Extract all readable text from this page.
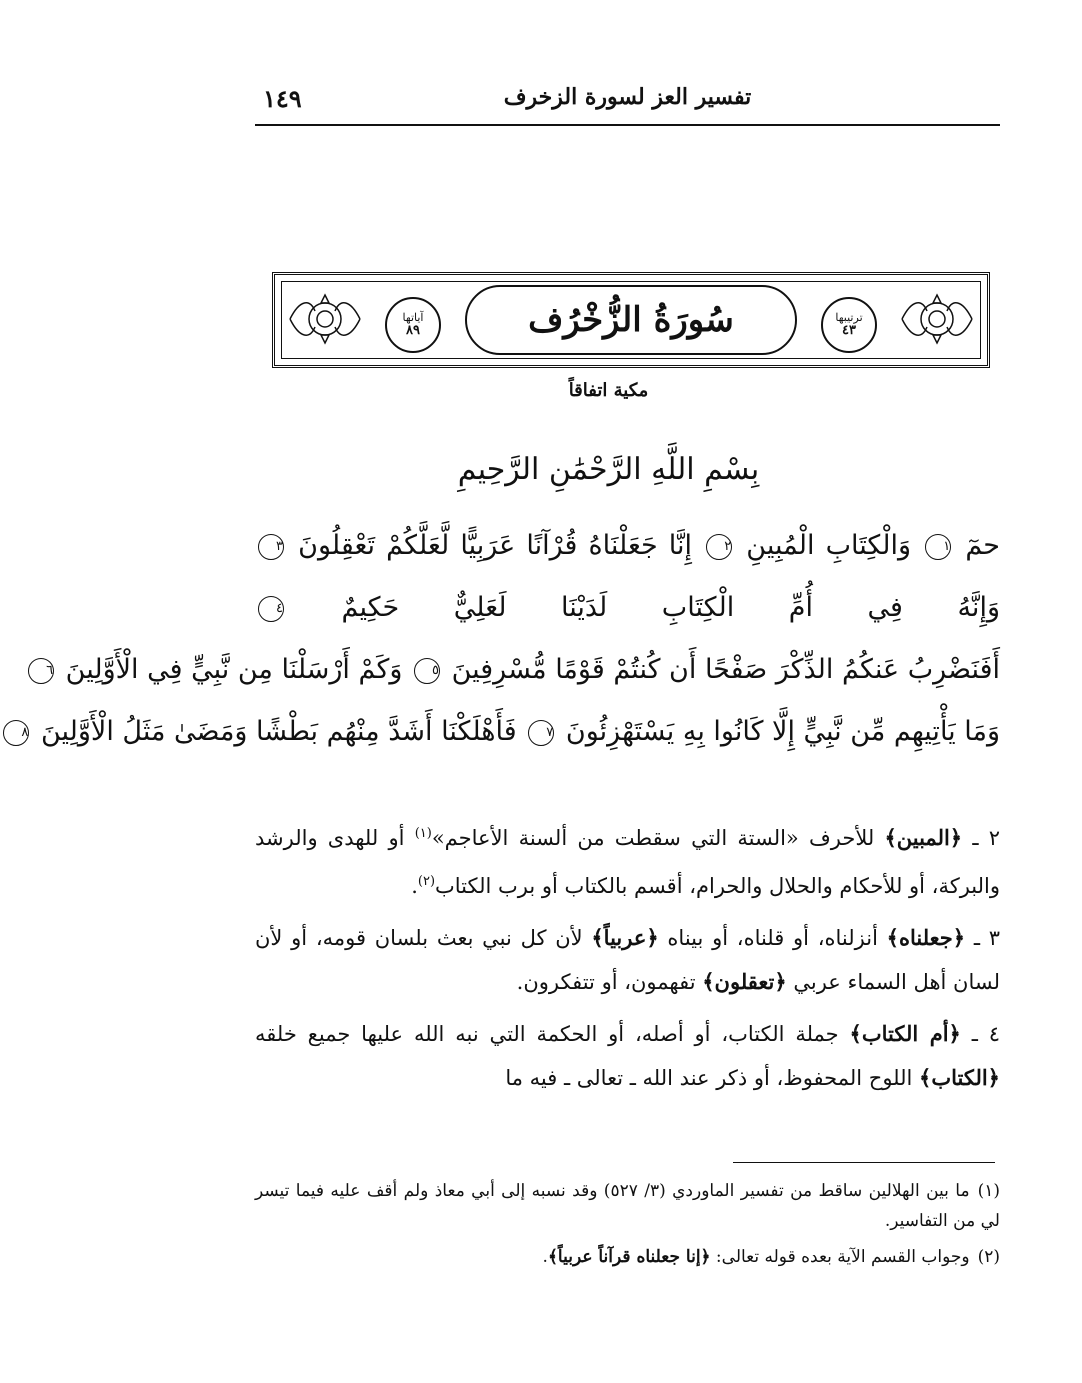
تفسير العز لسورة الزخرف
١٤٩
آياتها
٨٩
ترتيبها
٤٣
سُورَةُ الزُّخْرُف
مكية اتفاقاً
بِسْمِ اللَّهِ الرَّحْمَٰنِ الرَّحِيمِ
حمٓ ١ وَالْكِتَابِ الْمُبِينِ ٢ إِنَّا جَعَلْنَاهُ قُرْآنًا عَرَبِيًّا لَّعَلَّكُمْ تَعْقِلُونَ ٣
وَإِنَّهُ فِي أُمِّ الْكِتَابِ لَدَيْنَا لَعَلِيٌّ حَكِيمٌ ٤
أَفَنَضْرِبُ عَنكُمُ الذِّكْرَ صَفْحًا أَن كُنتُمْ قَوْمًا مُّسْرِفِينَ ٥ وَكَمْ أَرْسَلْنَا مِن نَّبِيٍّ فِي الْأَوَّلِينَ ٦
وَمَا يَأْتِيهِم مِّن نَّبِيٍّ إِلَّا كَانُوا بِهِ يَسْتَهْزِئُونَ ٧ فَأَهْلَكْنَا أَشَدَّ مِنْهُم بَطْشًا وَمَضَىٰ مَثَلُ الْأَوَّلِينَ ٨

٢ ـ ﴿المبين﴾ للأحرف «الستة التي سقطت من ألسنة الأعاجم»$^{(١)}$ أو للهدى والرشد والبركة، أو للأحكام والحلال والحرام، أقسم بالكتاب أو برب الكتاب$^{(٢)}$.

٣ ـ ﴿جعلناه﴾ أنزلناه، أو قلناه، أو بيناه ﴿عربياً﴾ لأن كل نبي بعث بلسان قومه، أو لأن لسان أهل السماء عربي ﴿تعقلون﴾ تفهمون، أو تتفكرون.

٤ ـ ﴿أم الكتاب﴾ جملة الكتاب، أو أصله، أو الحكمة التي نبه الله عليها جميع خلقه ﴿الكتاب﴾ اللوح المحفوظ، أو ذكر عند الله ـ تعالى ـ فيه ما

(١)ما بين الهلالين ساقط من تفسير الماوردي (٣/ ٥٢٧) وقد نسبه إلى أبي معاذ ولم أقف عليه فيما تيسر لي من التفاسير.

(٢)وجواب القسم الآية بعده قوله تعالى: ﴿إنا جعلناه قرآناً عربياً﴾.
